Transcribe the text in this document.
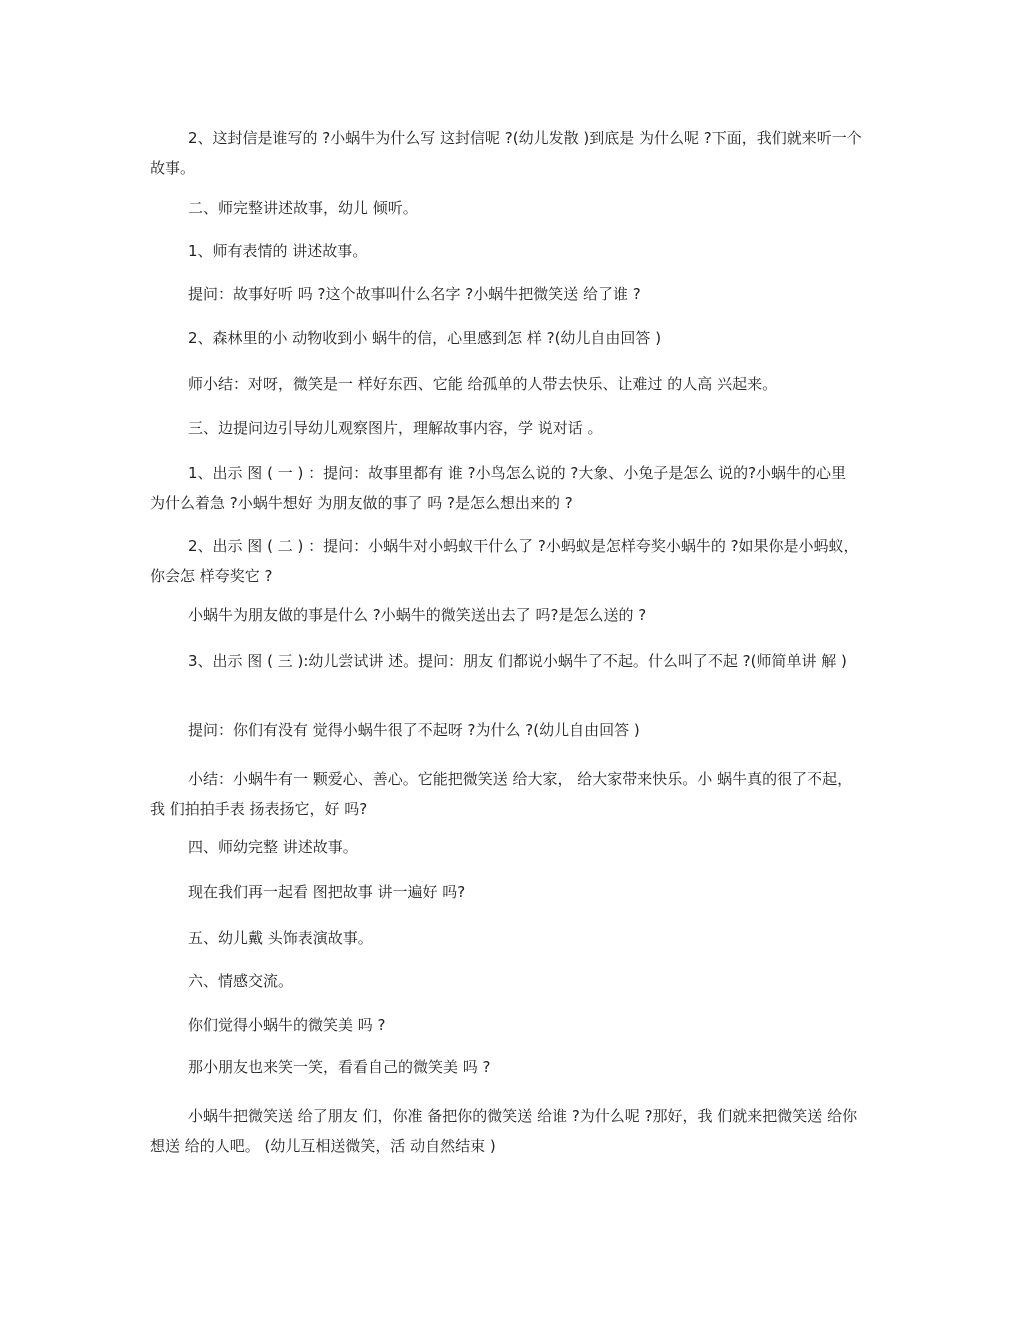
2、这封信是谁写的 ?小蜗牛为什么写 这封信呢 ?(幼儿发散 )到底是 为什么呢 ?下面，我们就来听一个故事。

二、师完整讲述故事，幼儿 倾听。

1、师有表情的 讲述故事。

提问：故事好听 吗 ?这个故事叫什么名字 ?小蜗牛把微笑送 给了谁 ?

2、森林里的小 动物收到小 蜗牛的信，心里感到怎 样 ?(幼儿自由回答 )

师小结：对呀，微笑是一 样好东西、它能 给孤单的人带去快乐、让难过 的人高 兴起来。

三、边提问边引导幼儿观察图片，理解故事内容，学 说对话 。

1、出示 图 ( 一 ) ：提问：故事里都有 谁 ?小鸟怎么说的 ?大象、小兔子是怎么 说的?小蜗牛的心里 为什么着急 ?小蜗牛想好 为朋友做的事了 吗 ?是怎么想出来的 ?

2、出示 图 ( 二 ) ：提问：小蜗牛对小蚂蚁干什么了 ?小蚂蚁是怎样夸奖小蜗牛的 ?如果你是小蚂蚁，你会怎 样夸奖它 ?

小蜗牛为朋友做的事是什么 ?小蜗牛的微笑送出去了 吗?是怎么送的 ?

3、出示 图 ( 三 ):幼儿尝试讲 述。提问：朋友 们都说小蜗牛了不起。什么叫了不起 ?(师简单讲 解 )

提问：你们有没有 觉得小蜗牛很了不起呀 ?为什么 ?(幼儿自由回答 )

小结：小蜗牛有一 颗爱心、善心。它能把微笑送 给大家， 给大家带来快乐。小 蜗牛真的很了不起，我 们拍拍手表 扬表扬它，好 吗?

四、师幼完整 讲述故事。

现在我们再一起看 图把故事 讲一遍好 吗?

五、幼儿戴 头饰表演故事。

六、情感交流。

你们觉得小蜗牛的微笑美 吗 ?

那小朋友也来笑一笑，看看自己的微笑美 吗 ?

小蜗牛把微笑送 给了朋友 们，你准 备把你的微笑送 给谁 ?为什么呢 ?那好，我 们就来把微笑送 给你想送 给的人吧。 (幼儿互相送微笑，活 动自然结束 )
